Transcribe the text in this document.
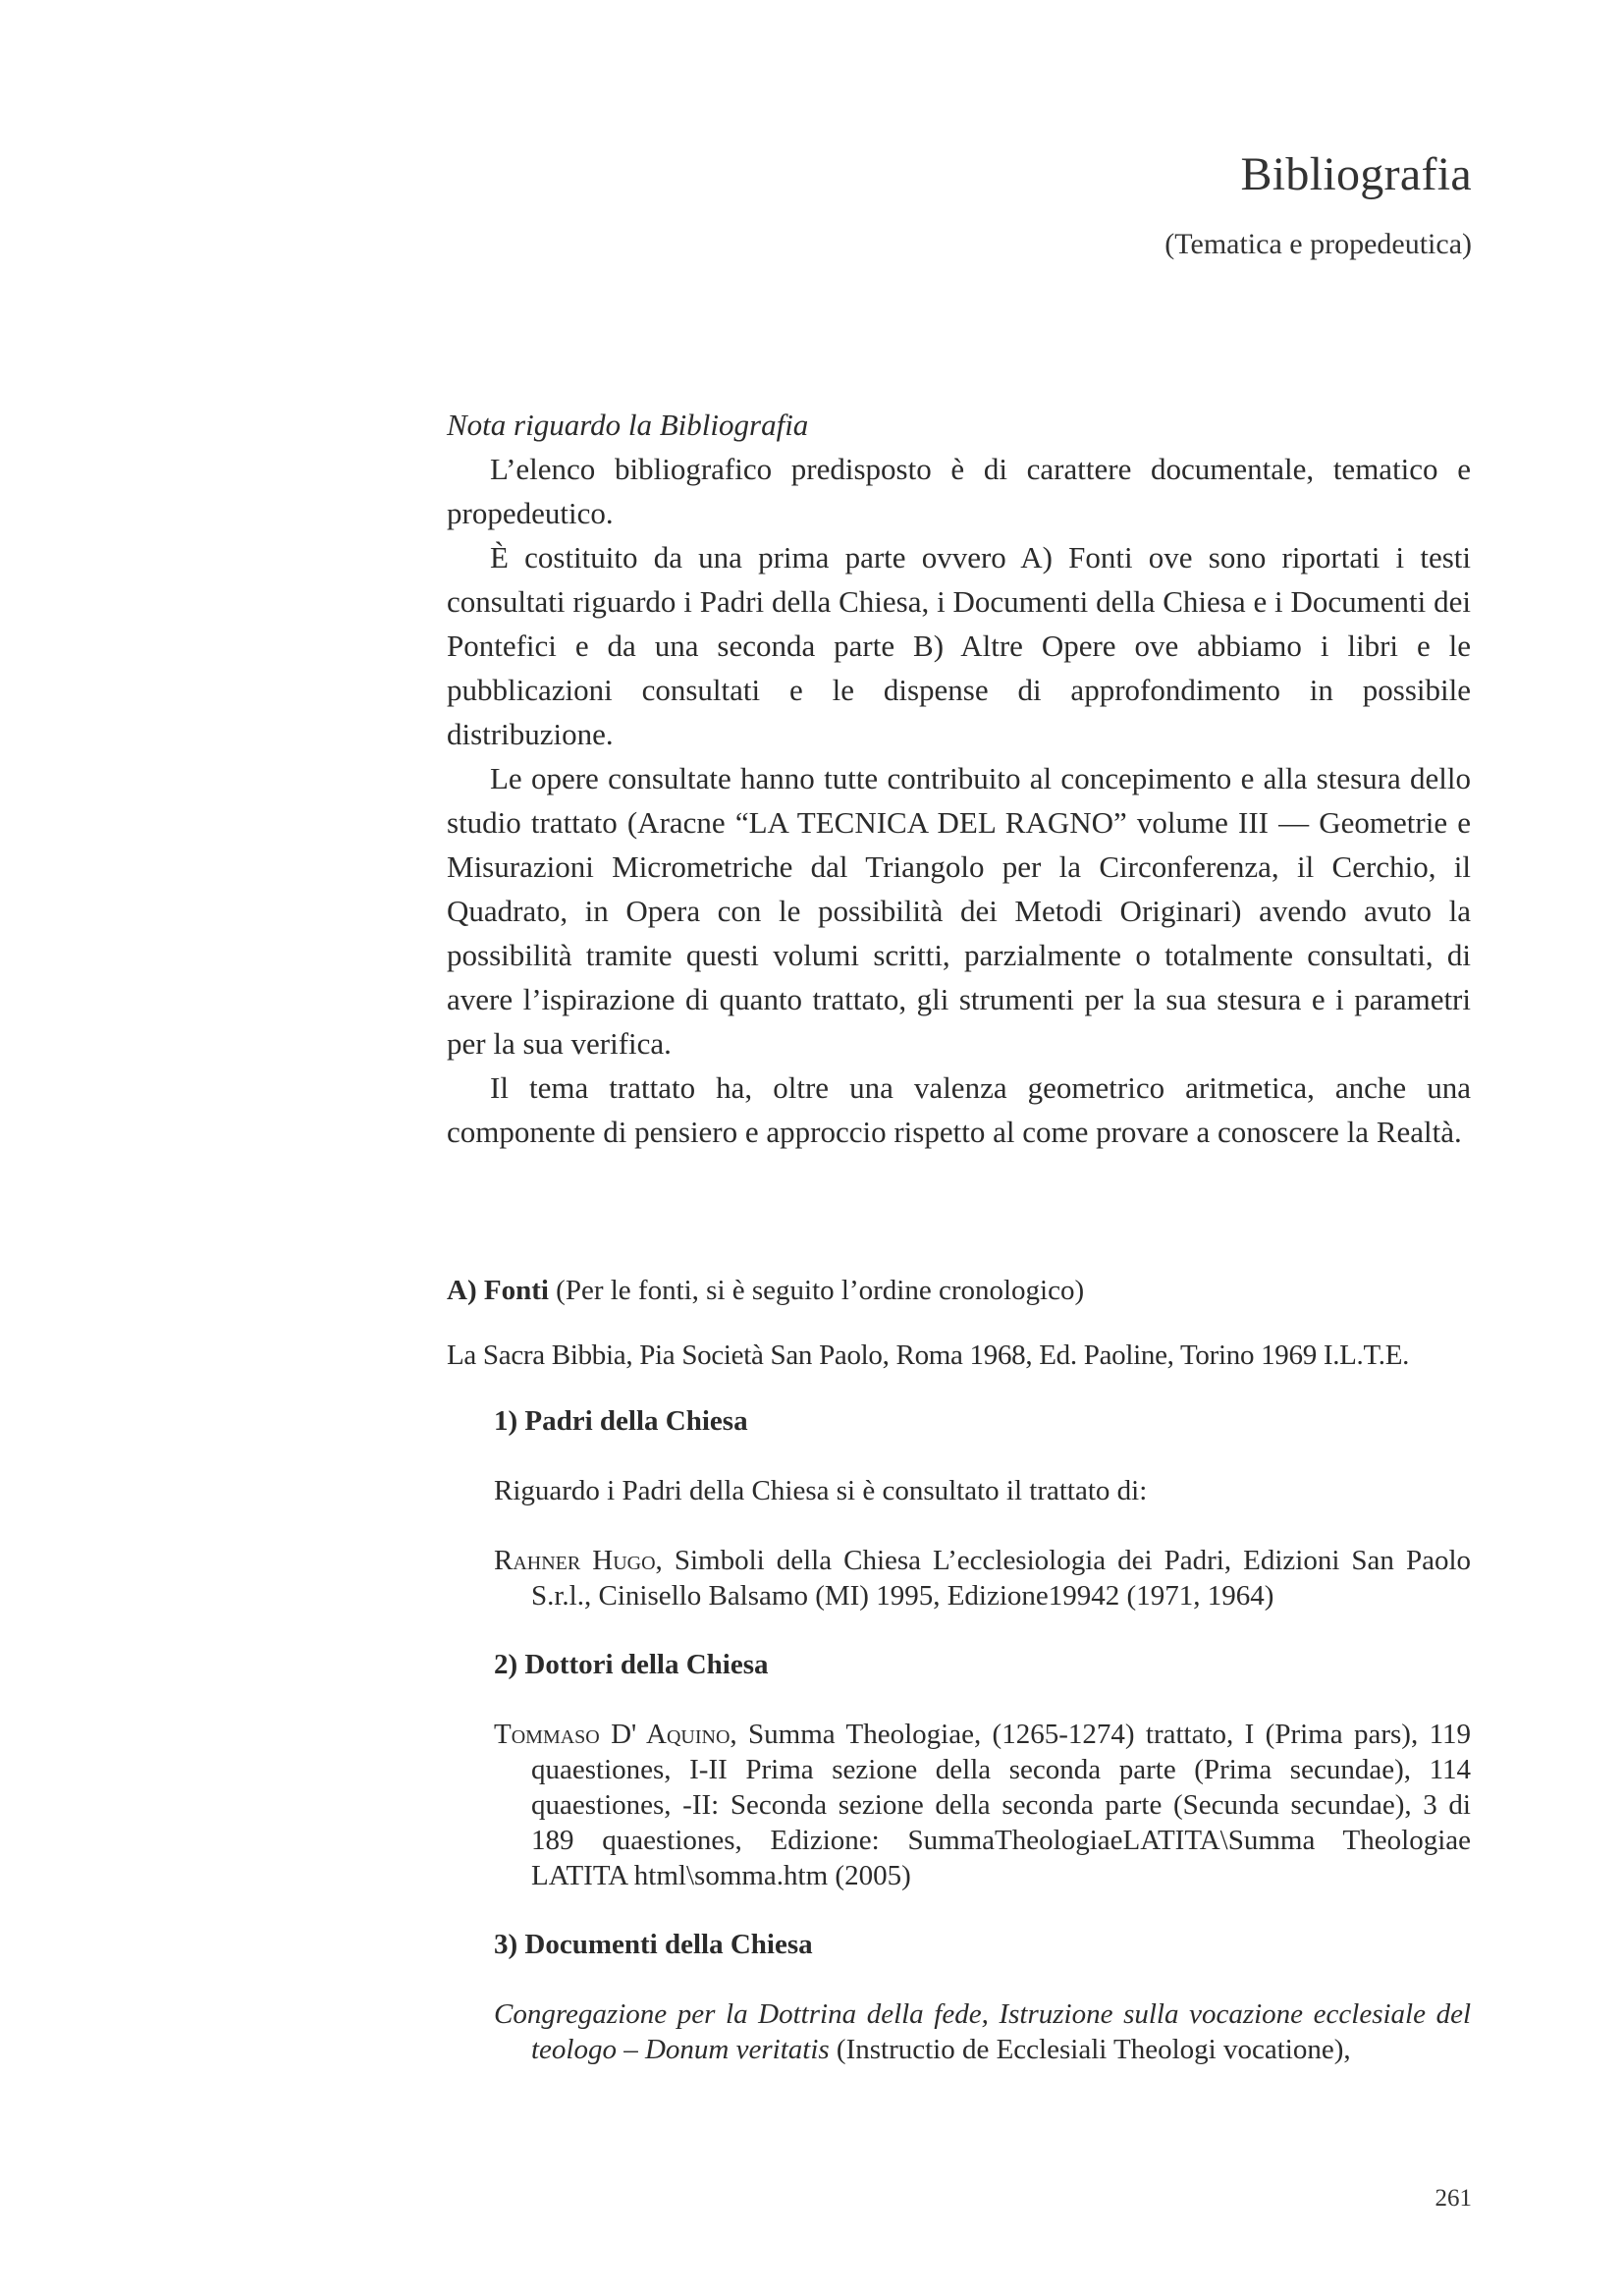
Bibliografia
(Tematica e propedeutica)
Nota riguardo la Bibliografia

L’elenco bibliografico predisposto è di carattere documentale, tematico e propedeutico.

È costituito da una prima parte ovvero A) Fonti ove sono riportati i testi consultati riguardo i Padri della Chiesa, i Documenti della Chiesa e i Documenti dei Pontefici e da una seconda parte B) Altre Opere ove abbiamo i libri e le pubblicazioni consultati e le dispense di approfondimento in possibile distribuzione.

Le opere consultate hanno tutte contribuito al concepimento e alla stesura dello studio trattato (Aracne “LA TECNICA DEL RAGNO” volume III — Geometrie e Misurazioni Micrometriche dal Triangolo per la Circonferenza, il Cerchio, il Quadrato, in Opera con le possibilità dei Metodi Originari) avendo avuto la possibilità tramite questi volumi scritti, parzialmente o totalmente consultati, di avere l’ispirazione di quanto trattato, gli strumenti per la sua stesura e i parametri per la sua verifica.

Il tema trattato ha, oltre una valenza geometrico aritmetica, anche una componente di pensiero e approccio rispetto al come provare a conoscere la Realtà.

A) Fonti (Per le fonti, si è seguito l’ordine cronologico)

La Sacra Bibbia, Pia Società San Paolo, Roma 1968, Ed. Paoline, Torino 1969 I.L.T.E.

1) Padri della Chiesa

Riguardo i Padri della Chiesa si è consultato il trattato di:

Rahner Hugo, Simboli della Chiesa L’ecclesiologia dei Padri, Edizioni San Paolo S.r.l., Cinisello Balsamo (MI) 1995, Edizione19942 (1971, 1964)
2) Dottori della Chiesa
Tommaso D' Aquino, Summa Theologiae, (1265-1274) trattato, I (Prima pars), 119 quaestiones, I-II Prima sezione della seconda parte (Prima secundae), 114 quaestiones, -II: Seconda sezione della seconda parte (Secunda secundae), 3 di 189 quaestiones, Edizione: SummaTheologiaeLATITA\Summa Theologiae LATITA html\somma.htm (2005)
3) Documenti della Chiesa
Congregazione per la Dottrina della fede, Istruzione sulla vocazione ecclesiale del teologo – Donum veritatis (Instructio de Ecclesiali Theologi vocatione),
261
